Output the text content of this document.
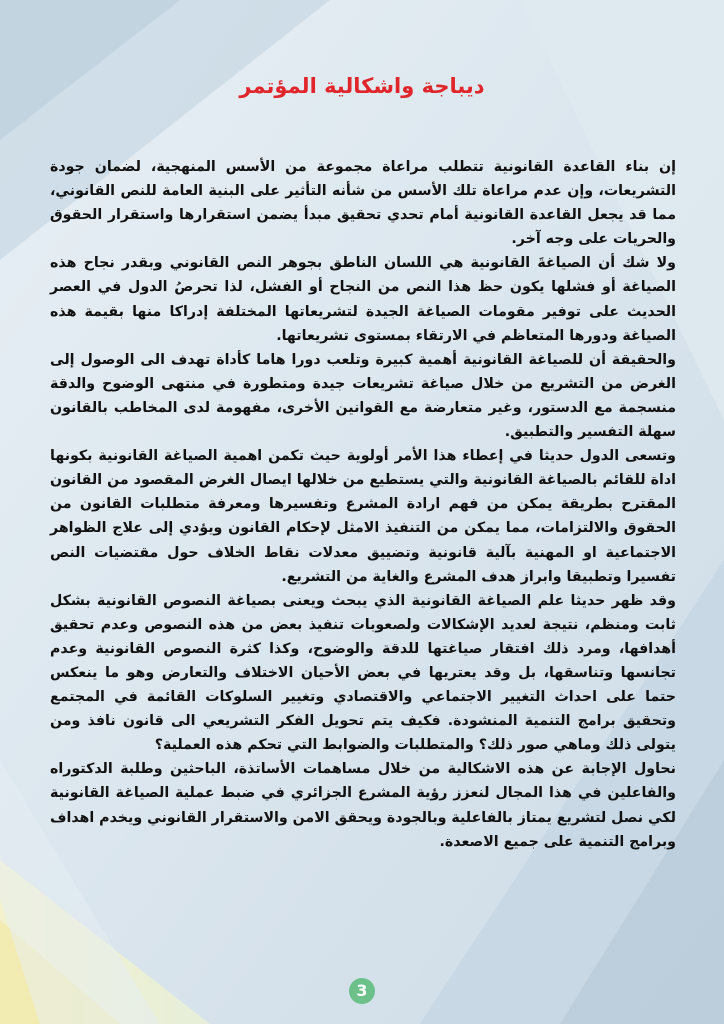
ديباجة واشكالية المؤتمر

إن بناء القاعدة القانونية تتطلب مراعاة مجموعة من الأسس المنهجية، لضمان جودة التشريعات، وإن عدم مراعاة تلك الأسس من شأنه التأثير على البنية العامة للنص القانوني، مما قد يجعل القاعدة القانونية أمام تحدي تحقيق مبدأ يضمن استقرارها واستقرار الحقوق والحريات على وجه آخر.

ولا شك أن الصياغةَ القانونية هي اللسان الناطق بجوهر النص القانوني وبقدر نجاح هذه الصياغة أو فشلها يكون حظ هذا النص من النجاح أو الفشل، لذا تحرصُ الدول في العصر الحديث على توفير مقومات الصياغة الجيدة لتشريعاتها المختلفة إدراكا منها بقيمة هذه الصياغة ودورها المتعاظم في الارتقاء بمستوى تشريعاتها.

والحقيقة أن للصياغة القانونية أهمية كبيرة وتلعب دورا هاما كأداة تهدف الى الوصول إلى الغرض من التشريع من خلال صياغة تشريعات جيدة ومتطورة في منتهى الوضوح والدقة منسجمة مع الدستور، وغير متعارضة مع القوانين الأخرى، مفهومة لدى المخاطب بالقانون سهلة التفسير والتطبيق.

وتسعى الدول حديثا في إعطاء هذا الأمر أولوية حيث تكمن اهمية الصياغة القانونية بكونها اداة للقائم بالصياغة القانونية والتي يستطيع من خلالها ايصال الغرض المقصود من القانون المقترح بطريقة يمكن من فهم ارادة المشرع وتفسيرها ومعرفة متطلبات القانون من الحقوق والالتزامات، مما يمكن من التنفيذ الامثل لإحكام القانون ويؤدي إلى علاج الظواهر الاجتماعية او المهنية بآلية قانونية وتضييق معدلات نقاط الخلاف حول مقتضيات النص تفسيرا وتطبيقا وابراز هدف المشرع والغاية من التشريع.

وقد ظهر حديثا علم الصياغة القانونية الذي يبحث ويعنى بصياغة النصوص القانونية بشكل ثابت ومنظم، نتيجة لعديد الإشكالات ولصعوبات تنفيذ بعض من هذه النصوص وعدم تحقيق أهدافها، ومرد ذلك افتقار صياغتها للدقة والوضوح، وكذا كثرة النصوص القانونية وعدم تجانسها وتناسقها، بل وقد يعتريها في بعض الأحيان الاختلاف والتعارض وهو ما ينعكس حتما على احداث التغيير الاجتماعي والاقتصادي وتغيير السلوكات القائمة في المجتمع وتحقيق برامج التنمية المنشودة. فكيف يتم تحويل الفكر التشريعي الى قانون نافذ ومن يتولى ذلك وماهي صور ذلك؟ والمتطلبات والضوابط التي تحكم هذه العملية؟

نحاول الإجابة عن هذه الاشكالية من خلال مساهمات الأساتذة، الباحثين وطلبة الدكتوراه والفاعلين في هذا المجال لنعزز رؤية المشرع الجزائري في ضبط عملية الصياغة القانونية لكي نصل لتشريع يمتاز بالفاعلية وبالجودة ويحقق الامن والاستقرار القانوني ويخدم اهداف وبرامج التنمية على جميع الاصعدة.

3
